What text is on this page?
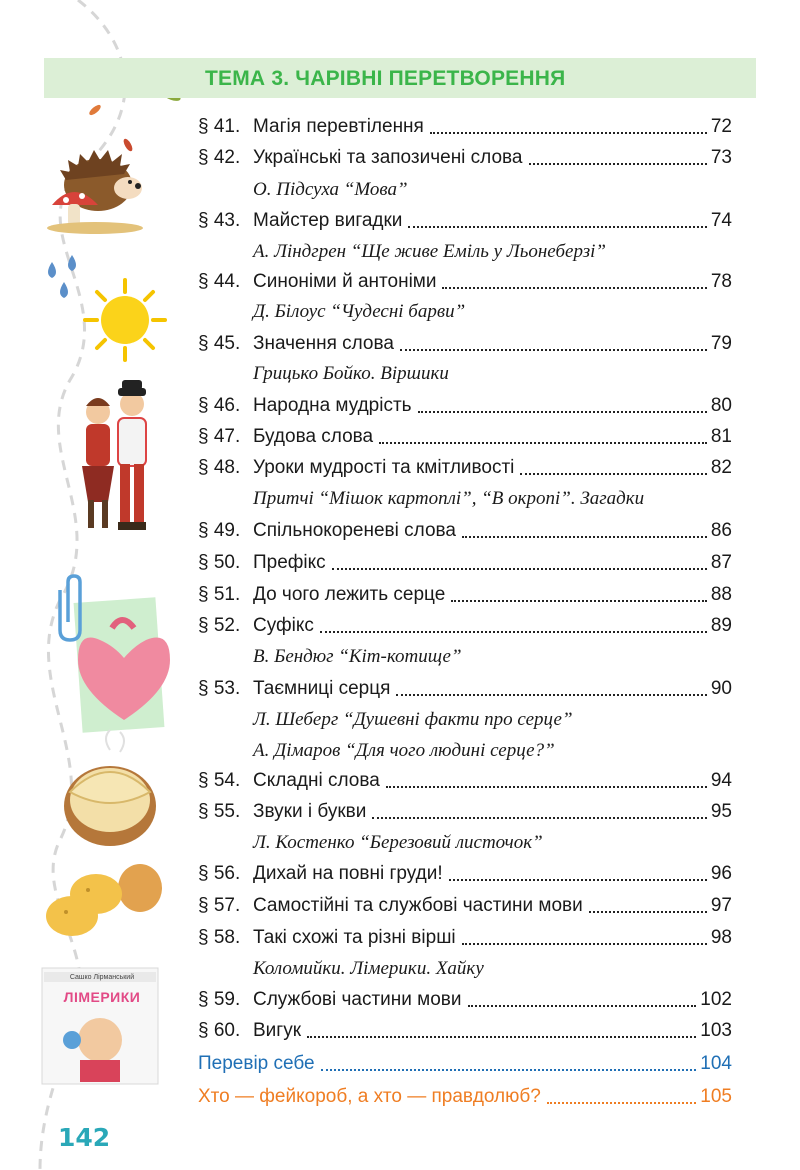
Сашко Лірманський
ЛІМЕРИКИ
ТЕМА 3. ЧАРІВНІ ПЕРЕТВОРЕННЯ
§ 41. Магія перевтілення	72
§ 42. Українські та запозичені слова	73
О. Підсуха “Мова”
§ 43. Майстер вигадки	74
А. Ліндгрен “Ще живе Еміль у Льонеберзі”
§ 44. Синоніми й антоніми	78
Д. Білоус “Чудесні барви”
§ 45. Значення слова	79
Грицько Бойко. Віршики
§ 46. Народна мудрість	80
§ 47. Будова слова	81
§ 48. Уроки мудрості та кмітливості	82
Притчі “Мішок картоплі”, “В окропі”. Загадки
§ 49. Спільнокореневі слова	86
§ 50. Префікс	87
§ 51. До чого лежить серце	88
§ 52. Суфікс	89
В. Бендюг “Кіт-котище”
§ 53. Таємниці серця	90
Л. Шеберг “Душевні факти про серце”
А. Дімаров “Для чого людині серце?”
§ 54. Складні слова	94
§ 55. Звуки і букви	95
Л. Костенко “Березовий листочок”
§ 56. Дихай на повні груди!	96
§ 57. Самостійні та службові частини мови	97
§ 58. Такі схожі та різні вірші	98
Коломийки. Лімерики. Хайку
§ 59. Службові частини мови	102
§ 60. Вигук	103
Перевір себе	104
Хто — фейкороб, а хто — правдолюб?	105
142
